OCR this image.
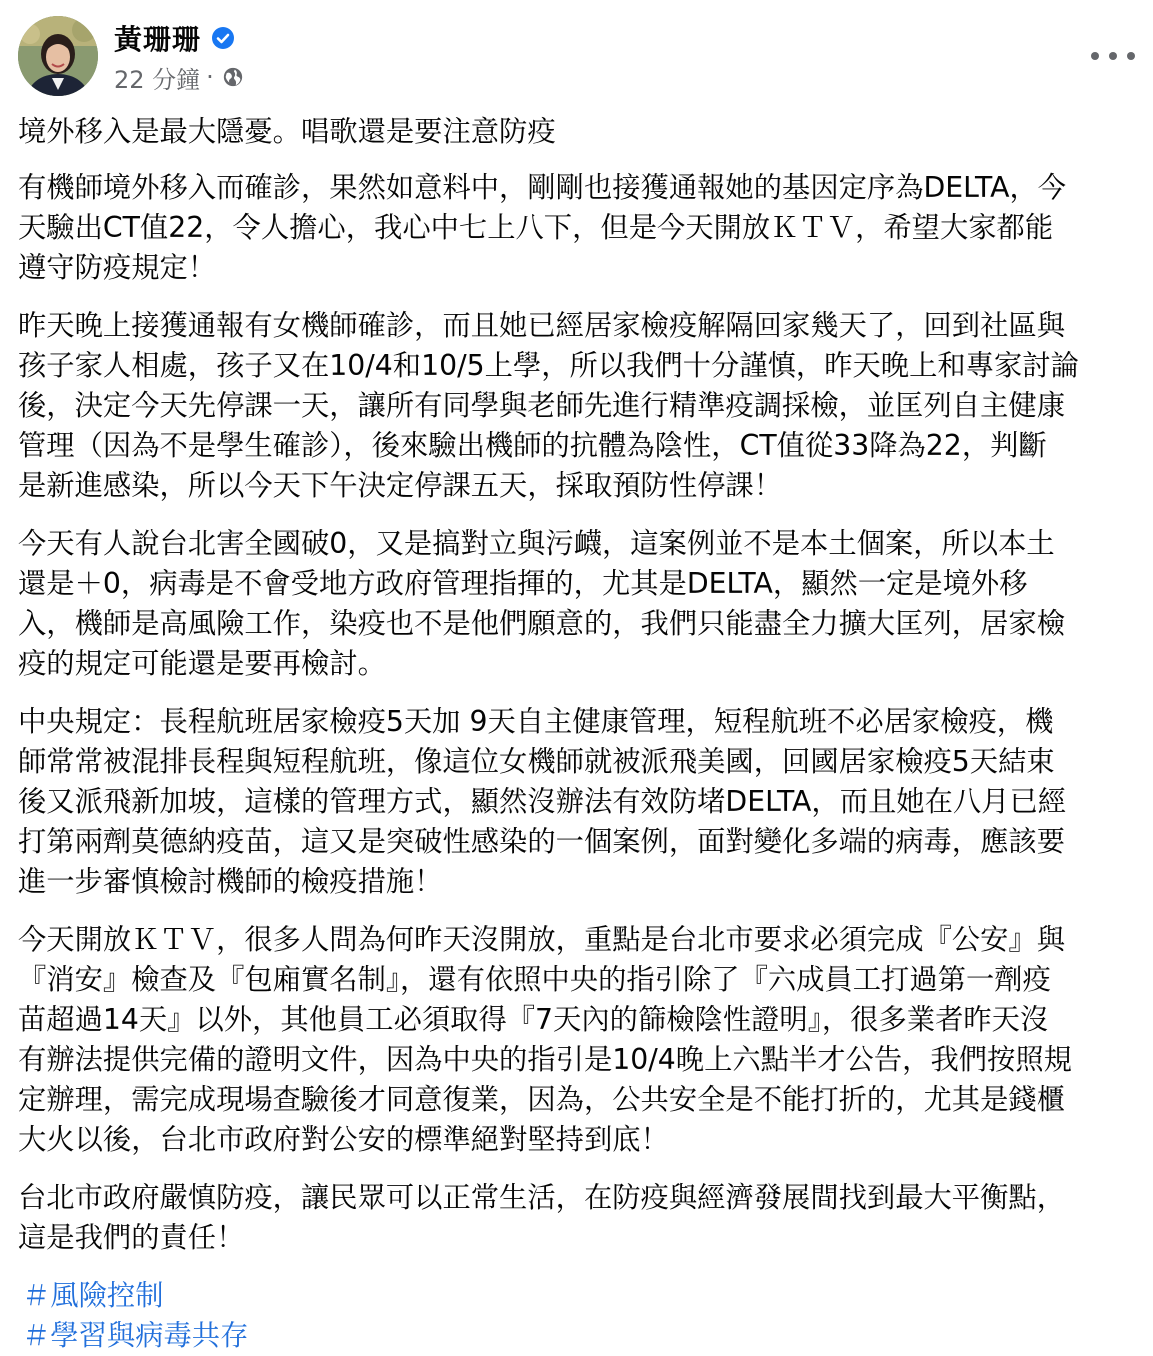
黃珊珊
22 分鐘 ·

境外移入是最大隱憂。唱歌還是要注意防疫

有機師境外移入而確診，果然如意料中，剛剛也接獲通報她的基因定序為DELTA，今
天驗出CT值22，令人擔心，我心中七上八下，但是今天開放ＫＴＶ，希望大家都能
遵守防疫規定！

昨天晚上接獲通報有女機師確診，而且她已經居家檢疫解隔回家幾天了，回到社區與
孩子家人相處，孩子又在10/4和10/5上學，所以我們十分謹慎，昨天晚上和專家討論
後，決定今天先停課一天，讓所有同學與老師先進行精準疫調採檢，並匡列自主健康
管理（因為不是學生確診），後來驗出機師的抗體為陰性，CT值從33降為22，判斷
是新進感染，所以今天下午決定停課五天，採取預防性停課！

今天有人說台北害全國破0，又是搞對立與污衊，這案例並不是本土個案，所以本土
還是＋0，病毒是不會受地方政府管理指揮的，尤其是DELTA，顯然一定是境外移
入，機師是高風險工作，染疫也不是他們願意的，我們只能盡全力擴大匡列，居家檢
疫的規定可能還是要再檢討。

中央規定：長程航班居家檢疫5天加 9天自主健康管理，短程航班不必居家檢疫，機
師常常被混排長程與短程航班，像這位女機師就被派飛美國，回國居家檢疫5天結束
後又派飛新加坡，這樣的管理方式，顯然沒辦法有效防堵DELTA，而且她在八月已經
打第兩劑莫德納疫苗，這又是突破性感染的一個案例，面對變化多端的病毒，應該要
進一步審慎檢討機師的檢疫措施！

今天開放ＫＴＶ，很多人問為何昨天沒開放，重點是台北市要求必須完成『公安』與
『消安』檢查及『包廂實名制』，還有依照中央的指引除了『六成員工打過第一劑疫
苗超過14天』以外，其他員工必須取得『7天內的篩檢陰性證明』，很多業者昨天沒
有辦法提供完備的證明文件，因為中央的指引是10/4晚上六點半才公告，我們按照規
定辦理，需完成現場查驗後才同意復業，因為，公共安全是不能打折的，尤其是錢櫃
大火以後，台北市政府對公安的標準絕對堅持到底！

台北市政府嚴慎防疫，讓民眾可以正常生活，在防疫與經濟發展間找到最大平衡點，
這是我們的責任！

＃風險控制
＃學習與病毒共存
